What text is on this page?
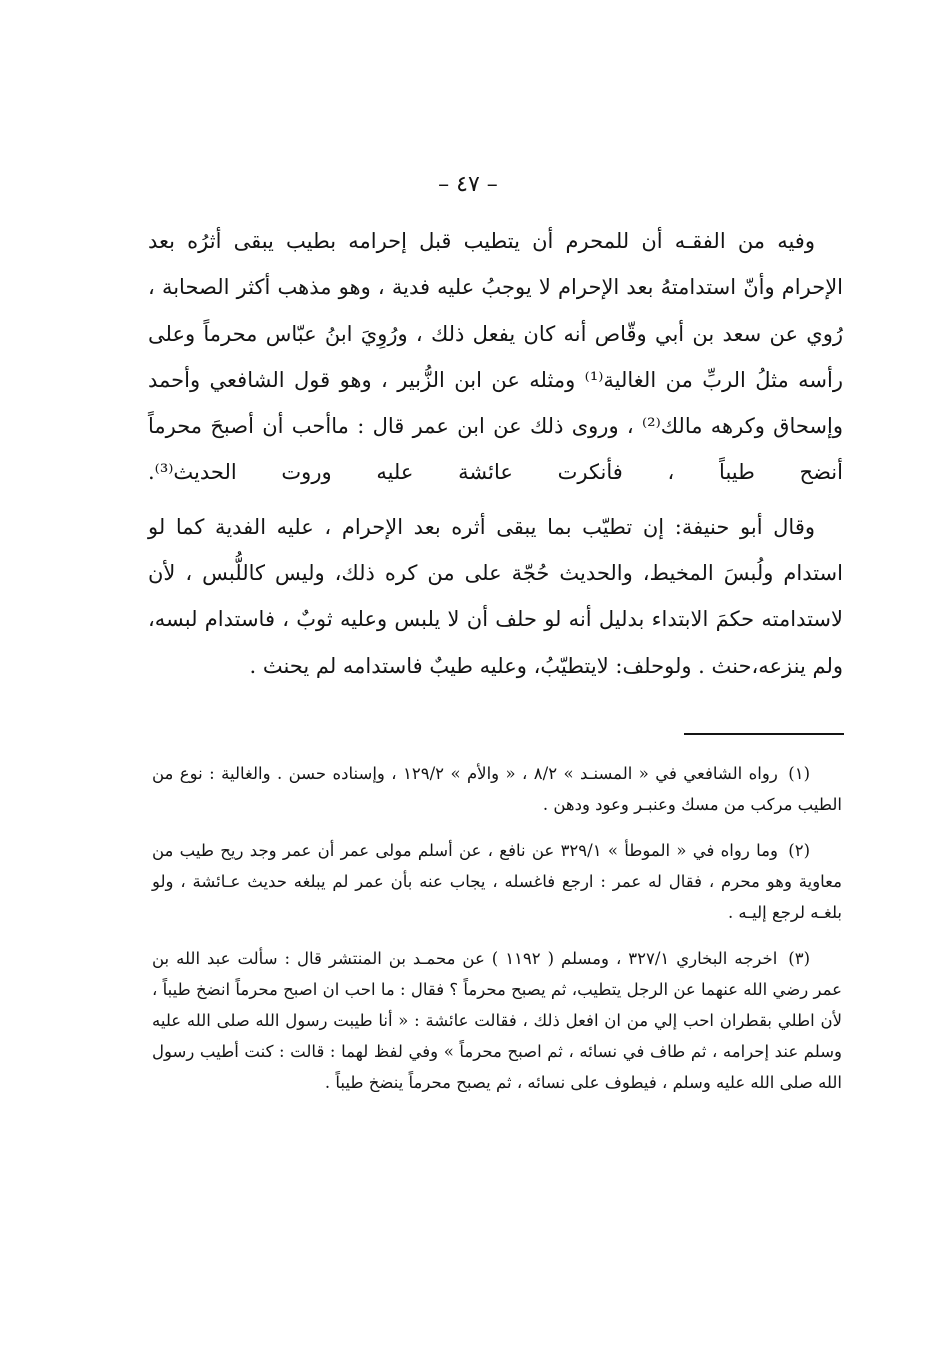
– ٤٧ –

وفيه من الفقـه أن للمحرم أن يتطيب قبل إحرامه بطيب يبقى أثرُه بعد الإحرام وأنّ استدامتهُ بعد الإحرام لا يوجبُ عليه فدية ، وهو مذهب أكثر الصحابة ، رُوي عن سعد بن أبي وقّاص أنه كان يفعل ذلك ، ورُوِيَ ابنُ عبّاس محرماً وعلى رأسه مثلُ الربِّ من الغالية⁽¹⁾ ومثله عن ابن الزُّبير ، وهو قول الشافعي وأحمد وإسحاق وكرهه مالك⁽²⁾ ، وروى ذلك عن ابن عمر قال : ماأحب أن أصبحَ محرماً أنضح طيباً ، فأنكرت عائشة عليه وروت الحديث⁽³⁾.

وقال أبو حنيفة: إن تطيّب بما يبقى أثره بعد الإحرام ، عليه الفدية كما لو استدام ولُبسَ المخيط، والحديث حُجّة على من كره ذلك، وليس كاللُّبس ، لأن لاستدامته حكمَ الابتداء بدليل أنه لو حلف أن لا يلبس وعليه ثوبٌ ، فاستدام لبسه، ولم ينزعه،حنث . ولوحلف: لايتطيّبُ، وعليه طيبٌ فاستدامه لم يحنث .

(١) رواه الشافعي في « المسنـد » ٨/٢ ، « والأم » ١٢٩/٢ ، وإسناده حسن . والغالية : نوع من الطيب مركب من مسك وعنبـر وعود ودهن .

(٢) وما رواه في « الموطأ » ٣٢٩/١ عن نافع ، عن أسلم مولى عمر أن عمر وجد ريح طيب من معاوية وهو محرم ، فقال له عمر : ارجع فاغسله ، يجاب عنه بأن عمر لم يبلغه حديث عـائشة ، ولو بلغـه لرجع إليـه .

(٣) اخرجه البخاري ٣٢٧/١ ، ومسلم ( ١١٩٢ ) عن محمـد بن المنتشر قال : سألت عبد الله بن عمر رضي الله عنهما عن الرجل يتطيب، ثم يصبح محرماً ؟ فقال : ما احب ان اصبح محرماً انضخ طيباً ، لأن اطلي بقطران احب إلي من ان افعل ذلك ، فقالت عائشة : « أنا طيبت رسول الله صلى الله عليه وسلم عند إحرامه ، ثم طاف في نسائه ، ثم اصبح محرماً » وفي لفظ لهما : قالت : كنت أطيب رسول الله صلى الله عليه وسلم ، فيطوف على نسائه ، ثم يصبح محرماً ينضخ طيباً .
